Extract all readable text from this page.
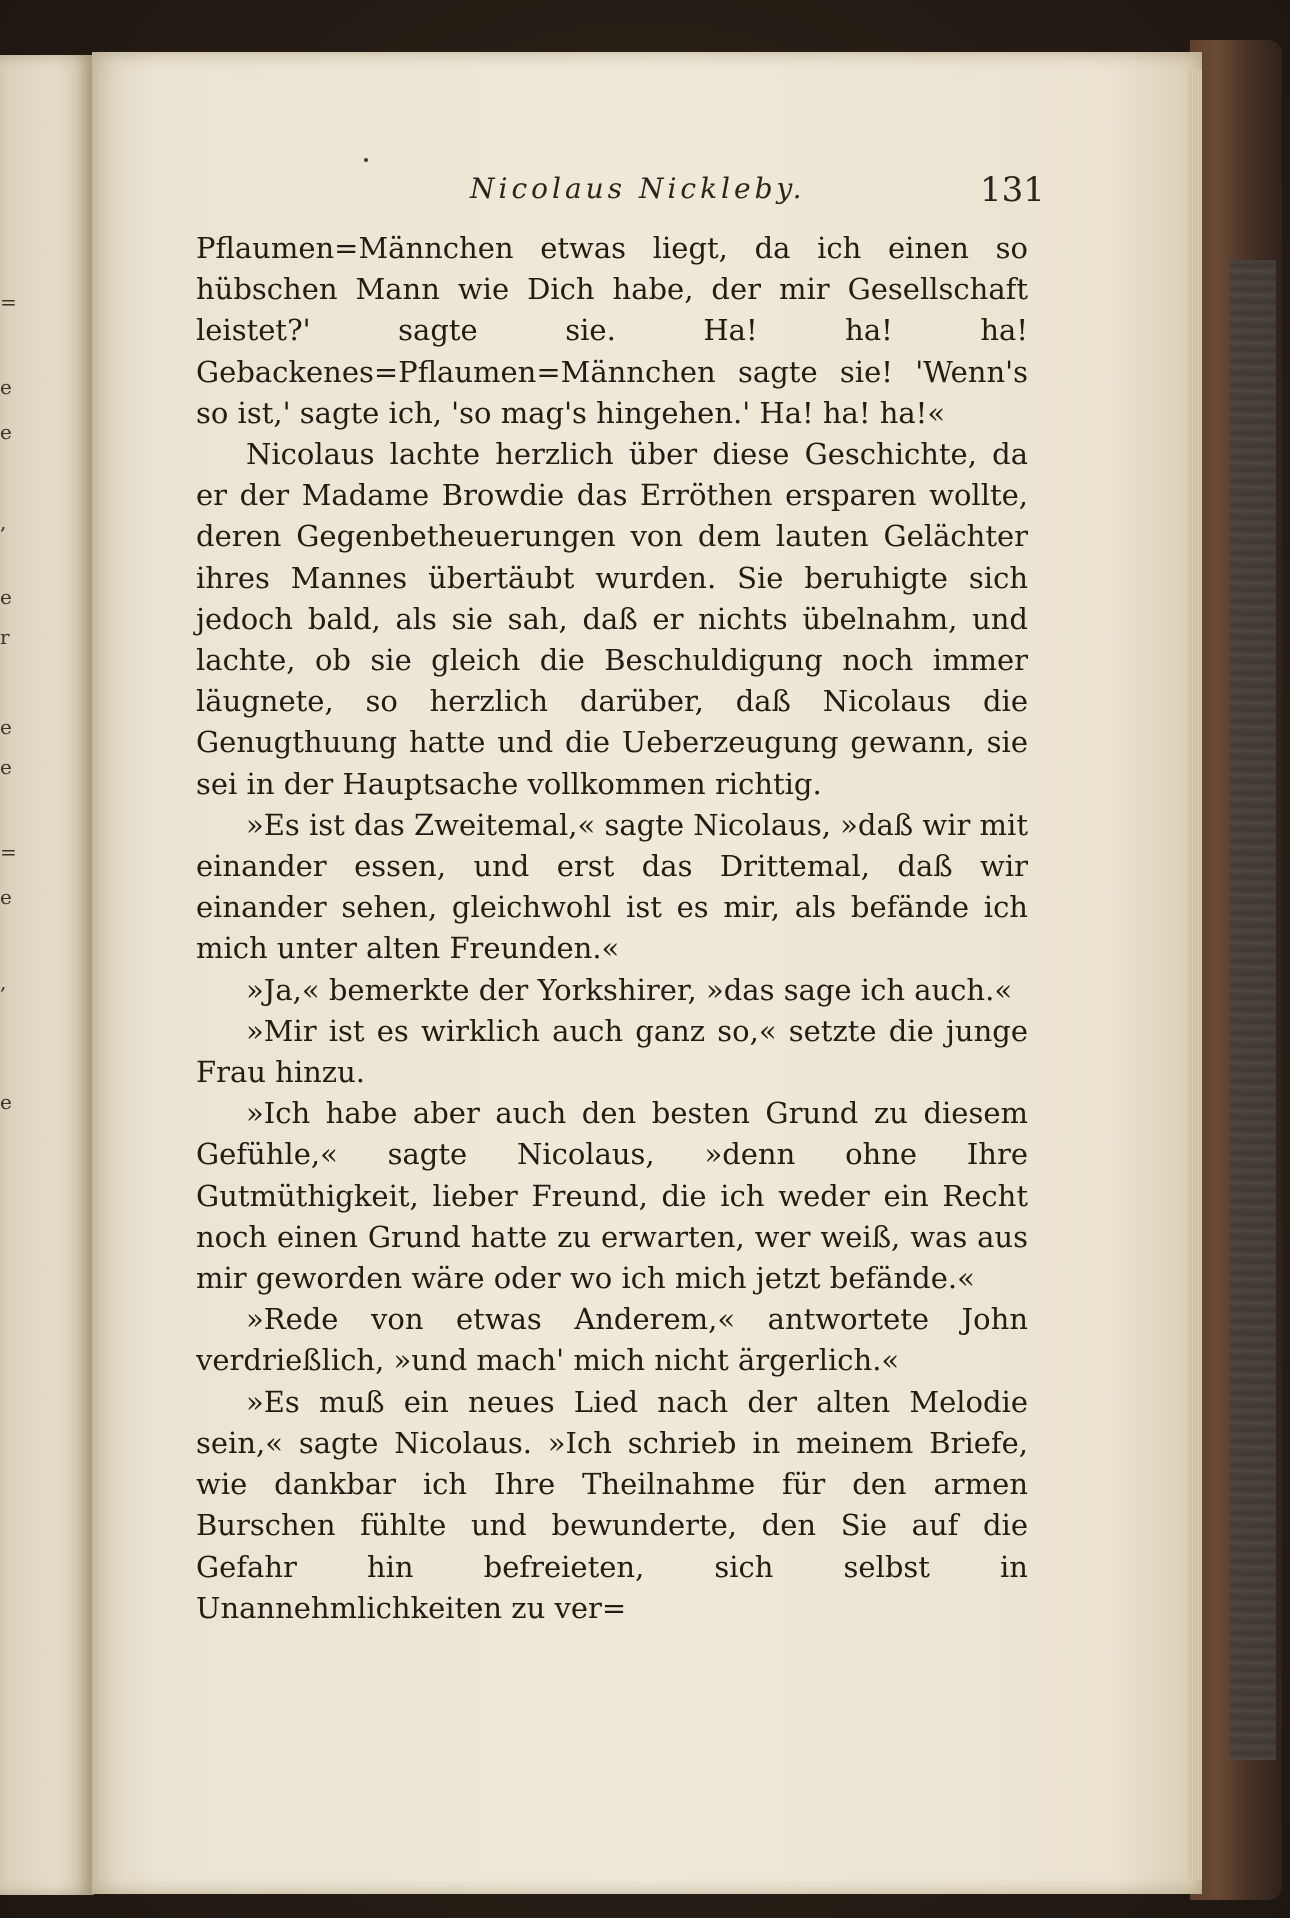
=
e
e
,
e
r
e
e
=
e
,
e
Nicolaus Nickleby.	131

Pflaumen=Männchen etwas liegt, da ich einen so hübschen Mann wie Dich habe, der mir Gesellschaft leistet?' sagte sie. Ha! ha! ha! Gebackenes=Pflaumen=Männchen sagte sie! 'Wenn's so ist,' sagte ich, 'so mag's hingehen.' Ha! ha! ha!«

Nicolaus lachte herzlich über diese Geschichte, da er der Madame Browdie das Erröthen ersparen wollte, deren Gegenbetheuerungen von dem lauten Gelächter ihres Mannes übertäubt wurden. Sie beruhigte sich jedoch bald, als sie sah, daß er nichts übelnahm, und lachte, ob sie gleich die Beschuldigung noch immer läugnete, so herzlich darüber, daß Nicolaus die Genugthuung hatte und die Ueberzeugung gewann, sie sei in der Hauptsache vollkommen richtig.

»Es ist das Zweitemal,« sagte Nicolaus, »daß wir mit einander essen, und erst das Drittemal, daß wir einander sehen, gleichwohl ist es mir, als befände ich mich unter alten Freunden.«

»Ja,« bemerkte der Yorkshirer, »das sage ich auch.«

»Mir ist es wirklich auch ganz so,« setzte die junge Frau hinzu.

»Ich habe aber auch den besten Grund zu diesem Gefühle,« sagte Nicolaus, »denn ohne Ihre Gutmüthigkeit, lieber Freund, die ich weder ein Recht noch einen Grund hatte zu erwarten, wer weiß, was aus mir geworden wäre oder wo ich mich jetzt befände.«

»Rede von etwas Anderem,« antwortete John verdrießlich, »und mach' mich nicht ärgerlich.«

»Es muß ein neues Lied nach der alten Melodie sein,« sagte Nicolaus. »Ich schrieb in meinem Briefe, wie dankbar ich Ihre Theilnahme für den armen Burschen fühlte und bewunderte, den Sie auf die Gefahr hin befreieten, sich selbst in Unannehmlichkeiten zu ver=
